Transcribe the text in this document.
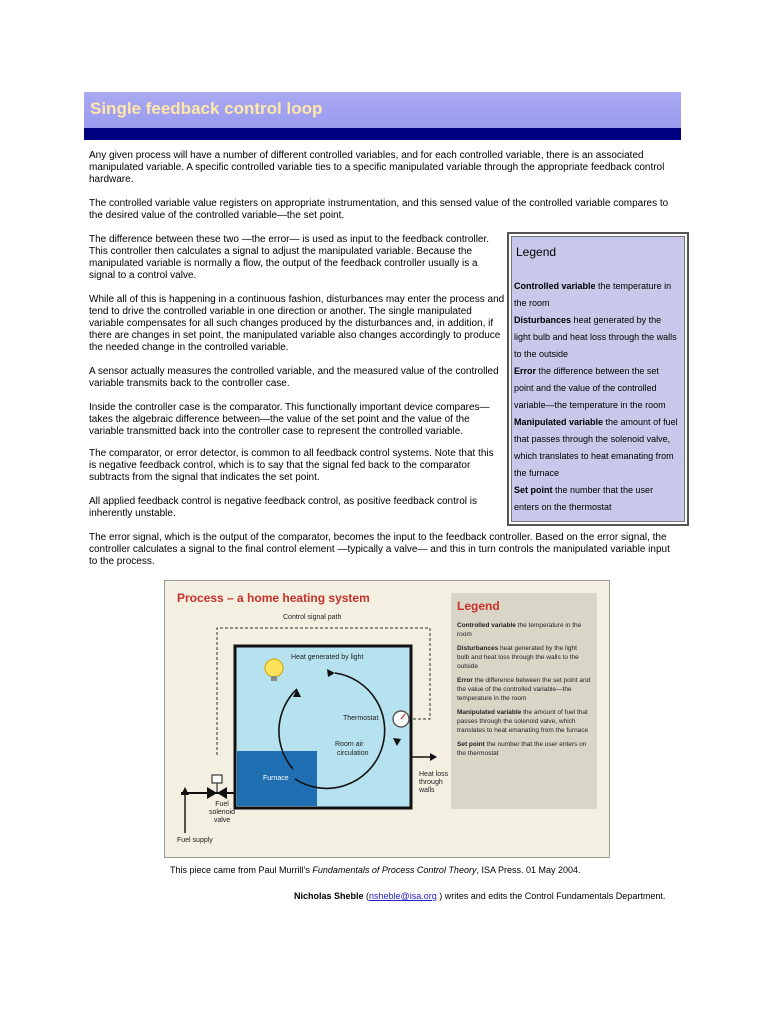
Single feedback control loop

Any given process will have a number of different controlled variables, and for each controlled variable, there is an associated manipulated variable. A specific controlled variable ties to a specific manipulated variable through the appropriate feedback control hardware.

The controlled variable value registers on appropriate instrumentation, and this sensed value of the controlled variable compares to the desired value of the controlled variable—the set point.

The difference between these two —the error— is used as input to the feedback controller. This controller then calculates a signal to adjust the manipulated variable. Because the manipulated variable is normally a flow, the output of the feedback controller usually is a signal to a control valve.

While all of this is happening in a continuous fashion, disturbances may enter the process and tend to drive the controlled variable in one direction or another. The single manipulated variable compensates for all such changes produced by the disturbances and, in addition, if there are changes in set point, the manipulated variable also changes accordingly to produce the needed change in the controlled variable.

A sensor actually measures the controlled variable, and the measured value of the controlled variable transmits back to the controller case.

Inside the controller case is the comparator. This functionally important device compares—takes the algebraic difference between—the value of the set point and the value of the variable transmitted back into the controller case to represent the controlled variable.

The comparator, or error detector, is common to all feedback control systems. Note that this is negative feedback control, which is to say that the signal fed back to the comparator subtracts from the signal that indicates the set point.

All applied feedback control is negative feedback control, as positive feedback control is inherently unstable.

The error signal, which is the output of the comparator, becomes the input to the feedback controller. Based on the error signal, the controller calculates a signal to the final control element —typically a valve— and this in turn controls the manipulated variable input to the process.

Legend
Controlled variable the temperature in the room
Disturbances heat generated by the light bulb and heat loss through the walls to the outside
Error the difference between the set point and the value of the controlled variable—the temperature in the room
Manipulated variable the amount of fuel that passes through the solenoid valve, which translates to heat emanating from the furnace
Set point the number that the user enters on the thermostat
Process – a home heating system
Control signal path
Heat generated by light
Thermostat
Room air
circulation
Furnace
Heat loss through walls
Fuel solenoid valve
Fuel supply
Legend

Controlled variable the temperature in the room

Disturbances heat generated by the light bulb and heat loss through the walls to the outside

Error the difference between the set point and the value of the controlled variable—the temperature in the room

Manipulated variable the amount of fuel that passes through the solenoid valve, which translates to heat emanating from the furnace

Set point the number that the user enters on the thermostat

This piece came from Paul Murrill’s Fundamentals of Process Control Theory, ISA Press. 01 May 2004.
Nicholas Sheble (nsheble@isa.org ) writes and edits the Control Fundamentals Department.
